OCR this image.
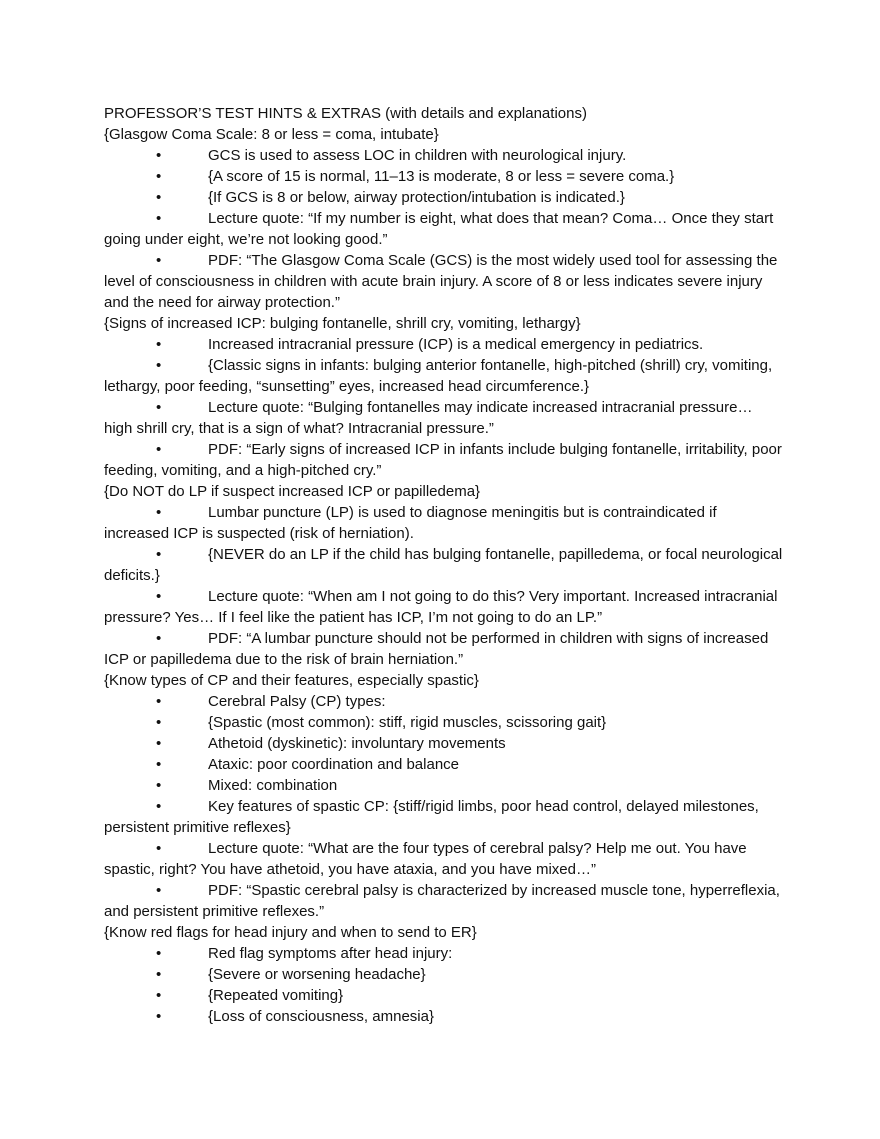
PROFESSOR’S TEST HINTS & EXTRAS (with details and explanations)

{Glasgow Coma Scale: 8 or less = coma, intubate}

•	GCS is used to assess LOC in children with neurological injury.

•	{A score of 15 is normal, 11–13 is moderate, 8 or less = severe coma.}

•	{If GCS is 8 or below, airway protection/intubation is indicated.}

•	Lecture quote: “If my number is eight, what does that mean? Coma… Once they start going under eight, we’re not looking good.”

•	PDF: “The Glasgow Coma Scale (GCS) is the most widely used tool for assessing the level of consciousness in children with acute brain injury. A score of 8 or less indicates severe injury and the need for airway protection.”

{Signs of increased ICP: bulging fontanelle, shrill cry, vomiting, lethargy}

•	Increased intracranial pressure (ICP) is a medical emergency in pediatrics.

•	{Classic signs in infants: bulging anterior fontanelle, high-pitched (shrill) cry, vomiting, lethargy, poor feeding, “sunsetting” eyes, increased head circumference.}

•	Lecture quote: “Bulging fontanelles may indicate increased intracranial pressure… high shrill cry, that is a sign of what? Intracranial pressure.”

•	PDF: “Early signs of increased ICP in infants include bulging fontanelle, irritability, poor feeding, vomiting, and a high-pitched cry.”

{Do NOT do LP if suspect increased ICP or papilledema}

•	Lumbar puncture (LP) is used to diagnose meningitis but is contraindicated if increased ICP is suspected (risk of herniation).

•	{NEVER do an LP if the child has bulging fontanelle, papilledema, or focal neurological deficits.}

•	Lecture quote: “When am I not going to do this? Very important. Increased intracranial pressure? Yes… If I feel like the patient has ICP, I’m not going to do an LP.”

•	PDF: “A lumbar puncture should not be performed in children with signs of increased ICP or papilledema due to the risk of brain herniation.”

{Know types of CP and their features, especially spastic}

•	Cerebral Palsy (CP) types:

•	{Spastic (most common): stiff, rigid muscles, scissoring gait}

•	Athetoid (dyskinetic): involuntary movements

•	Ataxic: poor coordination and balance

•	Mixed: combination

•	Key features of spastic CP: {stiff/rigid limbs, poor head control, delayed milestones, persistent primitive reflexes}

•	Lecture quote: “What are the four types of cerebral palsy? Help me out. You have spastic, right? You have athetoid, you have ataxia, and you have mixed…”

•	PDF: “Spastic cerebral palsy is characterized by increased muscle tone, hyperreflexia, and persistent primitive reflexes.”

{Know red flags for head injury and when to send to ER}

•	Red flag symptoms after head injury:

•	{Severe or worsening headache}

•	{Repeated vomiting}

•	{Loss of consciousness, amnesia}
